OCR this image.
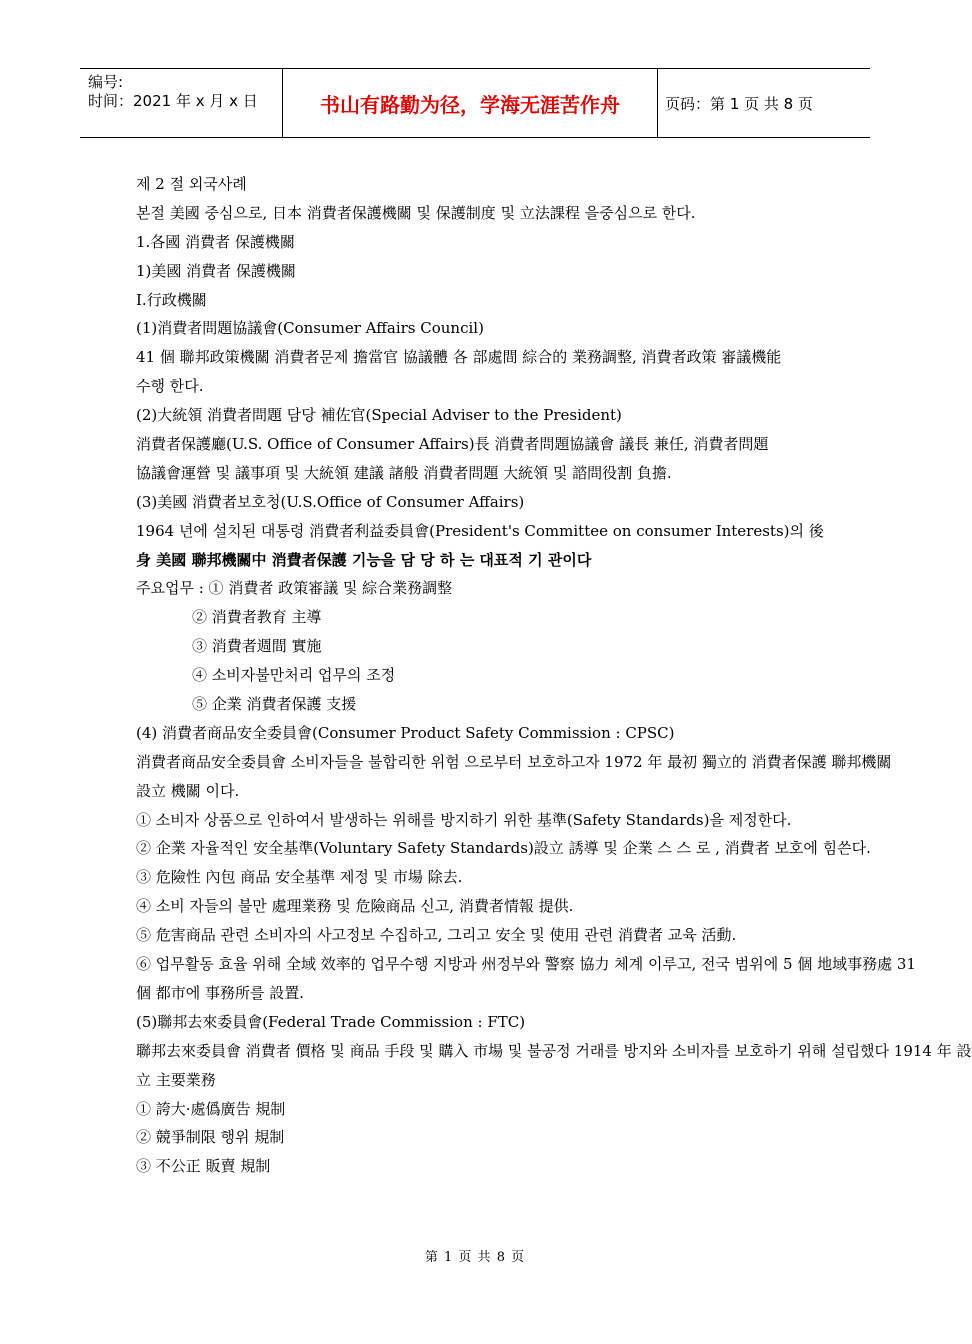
编号:
时间：2021 年 x 月 x 日	书山有路勤为径，学海无涯苦作舟	页码：第 1 页 共 8 页
제 2 절 외국사례
본절 美國 중심으로, 日本 消費者保護機關 및 保護制度 및 立法課程 을중심으로 한다.
1.各國 消費者 保護機關
1)美國 消費者 保護機關
I.行政機關
(1)消費者問題協議會(Consumer Affairs Council)
41 個 聯邦政策機關 消費者문제 擔當官 協議體 各 部處間 綜合的 業務調整, 消費者政策 審議機能
수행 한다.
(2)大統領 消費者問題 담당 補佐官(Special Adviser to the President)
消費者保護廳(U.S. Office of Consumer Affairs)長 消費者問題協議會 議長 兼任, 消費者問題
協議會運營 및 議事項 및 大統領 建議 諸般 消費者問題 大統領 및 諮問役割 負擔.
(3)美國 消費者보호청(U.S.Office of Consumer Affairs)
1964 년에 설치된 대통령 消費者利益委員會(President's Committee on consumer Interests)의 後
身 美國 聯邦機關中 消費者保護 기능을 담 당 하 는 대표적 기 관이다
주요업무 : ① 消費者 政策審議 및 綜合業務調整
② 消費者教育 主導
③ 消費者週間 實施
④ 소비자불만처리 업무의 조정
⑤ 企業 消費者保護 支援
(4) 消費者商品安全委員會(Consumer Product Safety Commission : CPSC)
消費者商品安全委員會 소비자들을 불합리한 위험 으로부터 보호하고자 1972 年 最初 獨立的 消費者保護 聯邦機關
設立 機關 이다.
① 소비자 상품으로 인하여서 발생하는 위해를 방지하기 위한 基準(Safety Standards)을 제정한다.
② 企業 자율적인 安全基準(Voluntary Safety Standards)設立 誘導 및 企業 스 스 로 , 消費者 보호에 힘쓴다.
③ 危險性 內包 商品 安全基準 제정 및 市場 除去.
④ 소비 자들의 불만 處理業務 및 危險商品 신고, 消費者情報 提供.
⑤ 危害商品 관련 소비자의 사고정보 수집하고, 그리고 安全 및 使用 관련 消費者 교육 活動.
⑥ 업무활동 효율 위해 全域 效率的 업무수행 지방과 州정부와 警察 協力 체계 이루고, 전국 범위에 5 個 地域事務處 31
個 都市에 事務所를 設置.
(5)聯邦去來委員會(Federal Trade Commission : FTC)
聯邦去來委員會 消費者 價格 및 商品 手段 및 購入 市場 및 불공정 거래를 방지와 소비자를 보호하기 위해 설립했다 1914 年 設
立 主要業務
① 誇大·處僞廣告 規制
② 競爭制限 행위 規制
③ 不公正 販賣 規制
第 1 页 共 8 页
